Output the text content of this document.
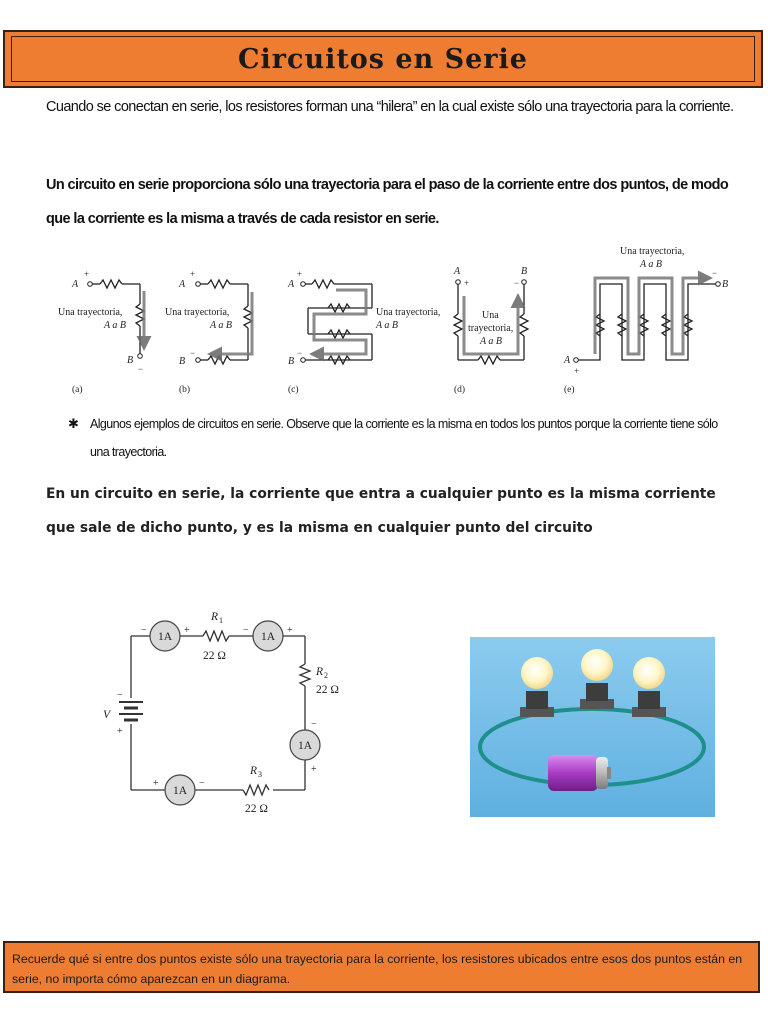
Circuitos en Serie
Cuando se conectan en serie, los resistores forman una “hilera” en la cual existe sólo una trayectoria para la corriente.
Un circuito en serie proporciona sólo una trayectoria para el paso de la corriente entre dos puntos, de modo que la corriente es la misma a través de cada resistor en serie.
A
B
A
B
A
B
A	B
A
B
+
−
+
−
+
−
+	−
+
−
Una trayectoria,
A a B
Una trayectoria,
A a B
Una trayectoria,
A a B
Una
trayectoria,
A a B
Una trayectoria,
A a B
(a)	(b)	(c)	(d)	(e)
✱ Algunos ejemplos de circuitos en serie. Observe que la corriente es la misma en todos los puntos porque la corriente tiene sólo una trayectoria.
En un circuito en serie, la corriente que entra a cualquier punto es la misma corriente que sale de dicho punto, y es la misma en cualquier punto del circuito
1A	1A
1A
1A
R 1
22 Ω
R 2
22 Ω
R 3
22 Ω
V
−	+	−	+
−
+
+	−
−
+
Recuerde qué si entre dos puntos existe sólo una trayectoria para la corriente, los resistores ubicados entre esos dos puntos están en serie, no importa cómo aparezcan en un diagrama.
